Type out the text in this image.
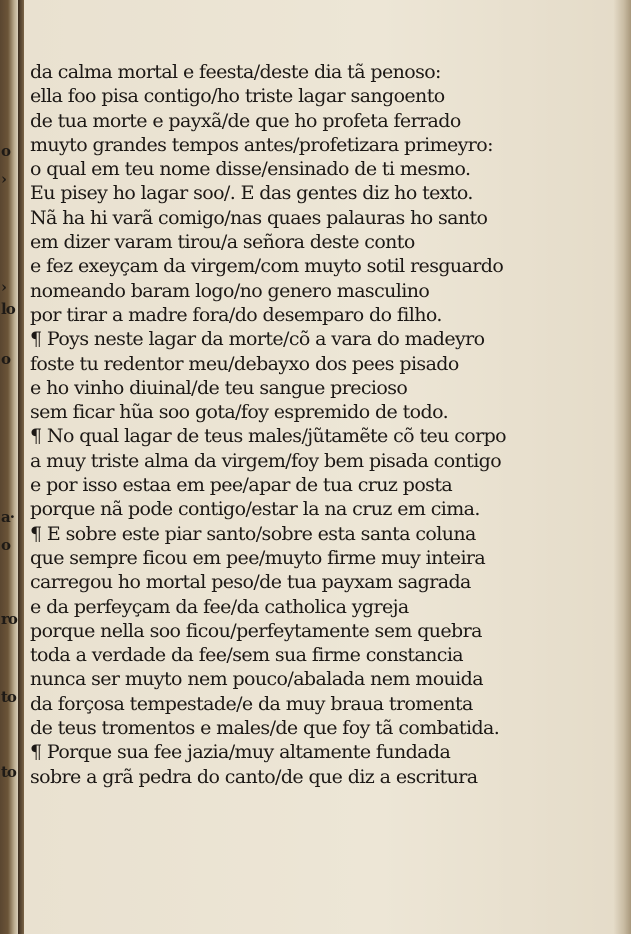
o
›
›
lo
o
a·
o
ro
to
to
da calma mortal e feesta/deste dia tã penoso:
ella foo pisa contigo/ho triste lagar sangoento
de tua morte e payxã/de que ho profeta ferrado
muyto grandes tempos antes/profetizara primeyro:
o qual em teu nome disse/ensinado de ti mesmo.
Eu pisey ho lagar soo/. E das gentes diz ho texto.
Nã ha hi varã comigo/nas quaes palauras ho santo
em dizer varam tirou/a señora deste conto
e fez exeyçam da virgem/com muyto sotil resguardo
nomeando baram logo/no genero masculino
por tirar a madre fora/do desemparo do filho.
¶ Poys neste lagar da morte/cõ a vara do madeyro
foste tu redentor meu/debayxo dos pees pisado
e ho vinho diuinal/de teu sangue precioso
sem ficar hũa soo gota/foy espremido de todo.
¶ No qual lagar de teus males/jũtamẽte cõ teu corpo
a muy triste alma da virgem/foy bem pisada contigo
e por isso estaa em pee/apar de tua cruz posta
porque nã pode contigo/estar la na cruz em cima.
¶ E sobre este piar santo/sobre esta santa coluna
que sempre ficou em pee/muyto firme muy inteira
carregou ho mortal peso/de tua payxam sagrada
e da perfeyçam da fee/da catholica ygreja
porque nella soo ficou/perfeytamente sem quebra
toda a verdade da fee/sem sua firme constancia
nunca ser muyto nem pouco/abalada nem mouida
da forçosa tempestade/e da muy braua tromenta
de teus tromentos e males/de que foy tã combatida.
¶ Porque sua fee jazia/muy altamente fundada
sobre a grã pedra do canto/de que diz a escritura
